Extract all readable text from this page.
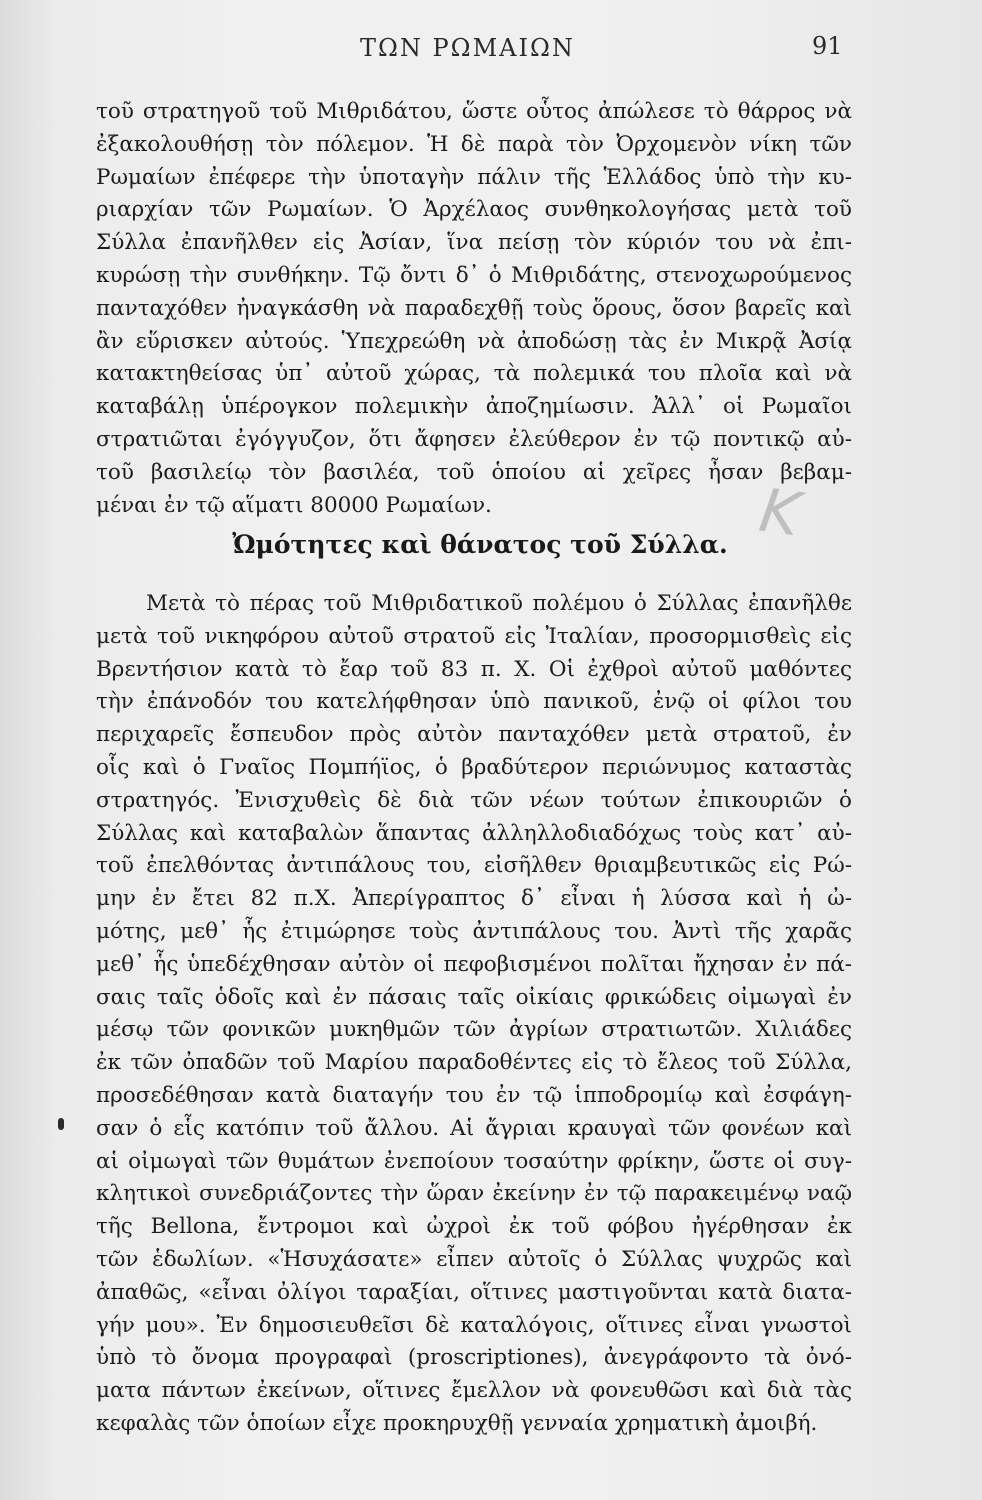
ΤΩΝ ΡΩΜΑΙΩΝ	91
τοῦ στρατηγοῦ τοῦ Μιθριδάτου, ὥστε οὗτος ἀπώλεσε τὸ θάρρος νὰ
ἐξακολουθήσῃ τὸν πόλεμον. Ἡ δὲ παρὰ τὸν Ὀρχομενὸν νίκη τῶν
Ρωμαίων ἐπέφερε τὴν ὑποταγὴν πάλιν τῆς Ἑλλάδος ὑπὸ τὴν κυ-
ριαρχίαν τῶν Ρωμαίων. Ὁ Ἀρχέλαος συνθηκολογήσας μετὰ τοῦ
Σύλλα ἐπανῆλθεν εἰς Ἀσίαν, ἵνα πείσῃ τὸν κύριόν του νὰ ἐπι-
κυρώσῃ τὴν συνθήκην. Τῷ ὄντι δ᾽ ὁ Μιθριδάτης, στενοχωρούμενος
πανταχόθεν ἠναγκάσθη νὰ παραδεχθῇ τοὺς ὅρους, ὅσον βαρεῖς καὶ
ἂν εὕρισκεν αὐτούς. Ὑπεχρεώθη νὰ ἀποδώσῃ τὰς ἐν Μικρᾷ Ἀσίᾳ
κατακτηθείσας ὑπ᾽ αὐτοῦ χώρας, τὰ πολεμικά του πλοῖα καὶ νὰ
καταβάλῃ ὑπέρογκον πολεμικὴν ἀποζημίωσιν. Ἀλλ᾽ οἱ Ρωμαῖοι
στρατιῶται ἐγόγγυζον, ὅτι ἄφησεν ἐλεύθερον ἐν τῷ ποντικῷ αὐ-
τοῦ βασιλείῳ τὸν βασιλέα, τοῦ ὁποίου αἱ χεῖρες ἦσαν βεβαμ-
μέναι ἐν τῷ αἵματι 80000 Ρωμαίων.	K
Ὠμότητες καὶ θάνατος τοῦ Σύλλα.
Μετὰ τὸ πέρας τοῦ Μιθριδατικοῦ πολέμου ὁ Σύλλας ἐπανῆλθε
μετὰ τοῦ νικηφόρου αὐτοῦ στρατοῦ εἰς Ἰταλίαν, προσορμισθεὶς εἰς
Βρεντήσιον κατὰ τὸ ἔαρ τοῦ 83 π. Χ. Οἱ ἐχθροὶ αὐτοῦ μαθόντες
τὴν ἐπάνοδόν του κατελήφθησαν ὑπὸ πανικοῦ, ἐνῷ οἱ φίλοι του
περιχαρεῖς ἔσπευδον πρὸς αὐτὸν πανταχόθεν μετὰ στρατοῦ, ἐν
οἷς καὶ ὁ Γναῖος Πομπήϊος, ὁ βραδύτερον περιώνυμος καταστὰς
στρατηγός. Ἐνισχυθεὶς δὲ διὰ τῶν νέων τούτων ἐπικουριῶν ὁ
Σύλλας καὶ καταβαλὼν ἅπαντας ἀλληλλοδιαδόχως τοὺς κατ᾽ αὐ-
τοῦ ἐπελθόντας ἀντιπάλους του, εἰσῆλθεν θριαμβευτικῶς εἰς Ρώ-
μην ἐν ἔτει 82 π.Χ. Ἀπερίγραπτος δ᾽ εἶναι ἡ λύσσα καὶ ἡ ὠ-
μότης, μεθ᾽ ἧς ἐτιμώρησε τοὺς ἀντιπάλους του. Ἀντὶ τῆς χαρᾶς
μεθ᾽ ἧς ὑπεδέχθησαν αὐτὸν οἱ πεφοβισμένοι πολῖται ἤχησαν ἐν πά-
σαις ταῖς ὁδοῖς καὶ ἐν πάσαις ταῖς οἰκίαις φρικώδεις οἰμωγαὶ ἐν
μέσῳ τῶν φονικῶν μυκηθμῶν τῶν ἀγρίων στρατιωτῶν. Χιλιάδες
ἐκ τῶν ὀπαδῶν τοῦ Μαρίου παραδοθέντες εἰς τὸ ἔλεος τοῦ Σύλλα,
προσεδέθησαν κατὰ διαταγήν του ἐν τῷ ἱπποδρομίῳ καὶ ἐσφάγη-
σαν ὁ εἷς κατόπιν τοῦ ἄλλου. Αἱ ἄγριαι κραυγαὶ τῶν φονέων καὶ
αἱ οἰμωγαὶ τῶν θυμάτων ἐνεποίουν τοσαύτην φρίκην, ὥστε οἱ συγ-
κλητικοὶ συνεδριάζοντες τὴν ὥραν ἐκείνην ἐν τῷ παρακειμένῳ ναῷ
τῆς Bellona, ἔντρομοι καὶ ὠχροὶ ἐκ τοῦ φόβου ἠγέρθησαν ἐκ
τῶν ἑδωλίων. «Ἡσυχάσατε» εἶπεν αὐτοῖς ὁ Σύλλας ψυχρῶς καὶ
ἀπαθῶς, «εἶναι ὀλίγοι ταραξίαι, οἵτινες μαστιγοῦνται κατὰ διατα-
γήν μου». Ἐν δημοσιευθεῖσι δὲ καταλόγοις, οἵτινες εἶναι γνωστοὶ
ὑπὸ τὸ ὄνομα προγραφαὶ (proscriptiones), ἀνεγράφοντο τὰ ὀνό-
ματα πάντων ἐκείνων, οἵτινες ἔμελλον νὰ φονευθῶσι καὶ διὰ τὰς
κεφαλὰς τῶν ὁποίων εἶχε προκηρυχθῇ γενναία χρηματικὴ ἀμοιβή.
